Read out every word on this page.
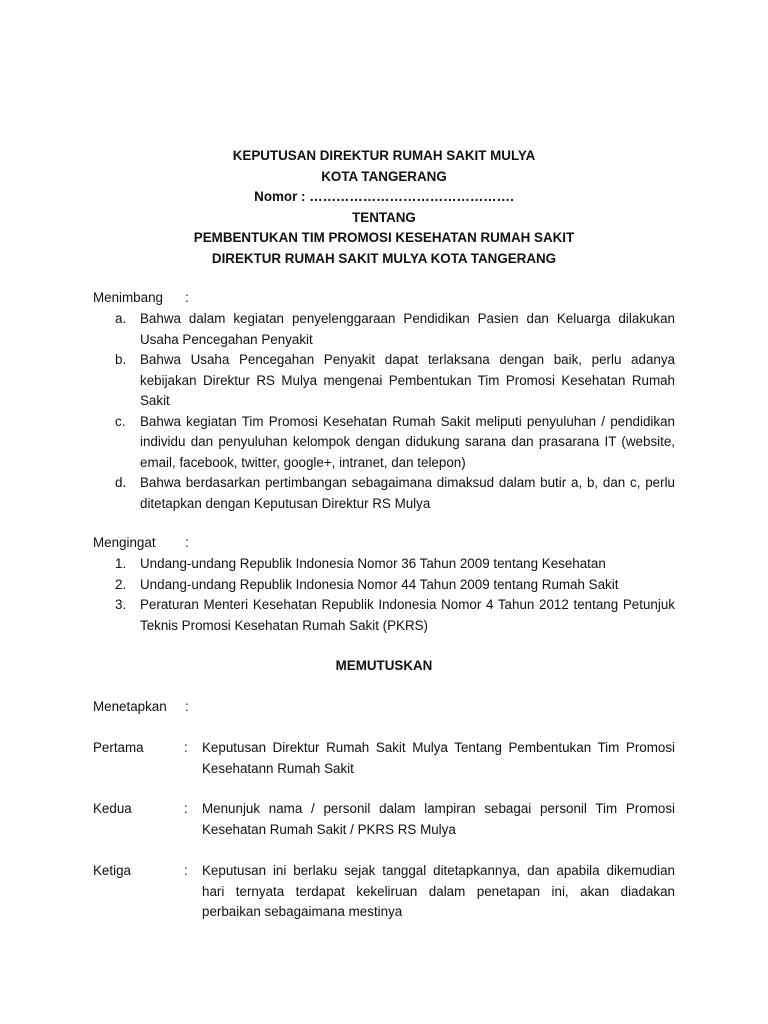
KEPUTUSAN DIREKTUR RUMAH SAKIT MULYA
KOTA TANGERANG
Nomor : ……………………………………….
TENTANG
PEMBENTUKAN TIM PROMOSI KESEHATAN RUMAH SAKIT
DIREKTUR RUMAH SAKIT MULYA KOTA TANGERANG
Menimbang :
a. Bahwa dalam kegiatan penyelenggaraan Pendidikan Pasien dan Keluarga dilakukan Usaha Pencegahan Penyakit
b. Bahwa Usaha Pencegahan Penyakit dapat terlaksana dengan baik, perlu adanya kebijakan Direktur RS Mulya mengenai Pembentukan Tim Promosi Kesehatan Rumah Sakit
c. Bahwa kegiatan Tim Promosi Kesehatan Rumah Sakit meliputi penyuluhan / pendidikan individu dan penyuluhan kelompok dengan didukung sarana dan prasarana IT (website, email, facebook, twitter, google+, intranet, dan telepon)
d. Bahwa berdasarkan pertimbangan sebagaimana dimaksud dalam butir a, b, dan c, perlu ditetapkan dengan Keputusan Direktur RS Mulya
Mengingat :
1. Undang-undang Republik Indonesia Nomor 36 Tahun 2009 tentang Kesehatan
2. Undang-undang Republik Indonesia Nomor 44 Tahun 2009 tentang Rumah Sakit
3. Peraturan Menteri Kesehatan Republik Indonesia Nomor 4 Tahun 2012 tentang Petunjuk Teknis Promosi Kesehatan Rumah Sakit (PKRS)
MEMUTUSKAN
Menetapkan :
Pertama	: Keputusan Direktur Rumah Sakit Mulya Tentang Pembentukan Tim Promosi Kesehatann Rumah Sakit
Kedua	: Menunjuk nama / personil dalam lampiran sebagai personil Tim Promosi Kesehatan Rumah Sakit / PKRS RS Mulya
Ketiga	: Keputusan ini berlaku sejak tanggal ditetapkannya, dan apabila dikemudian hari ternyata terdapat kekeliruan dalam penetapan ini, akan diadakan perbaikan sebagaimana mestinya
